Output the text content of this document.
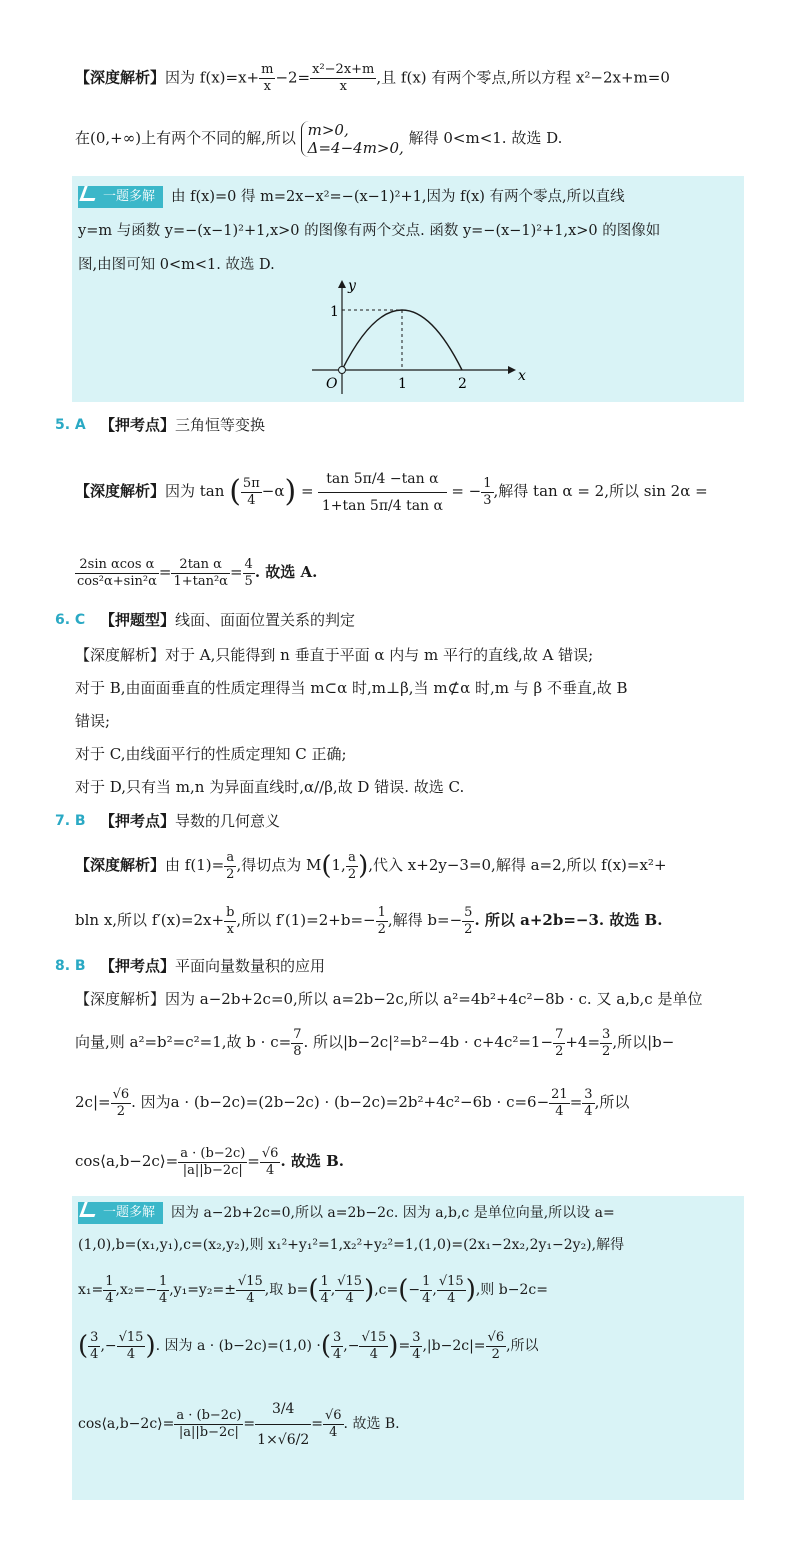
【深度解析】因为 $f(x)=x+ \frac{m}{x} -2= \frac{\text{x²−2x+m}}{x}$ ,且 f(x) 有两个零点,所以方程 x²−2x+m=0
在(0,+∞)上有两个不同的解,所以 m>0,
Δ=4−4m>0,
解得 0<m<1. 故选 D.
一题多解 由 f(x)=0 得 m=2x−x²=−(x−1)²+1,因为 f(x) 有两个零点,所以直线
y=m 与函数 y=−(x−1)²+1,x>0 的图像有两个交点. 函数 y=−(x−1)²+1,x>0 的图像如
图,由图可知 0<m<1. 故选 D.
y
x
O
1
1	2
5. A 【押考点】三角恒等变换
【深度解析】因为 tan ( $\frac{5\pi}{4} -\alpha) = \frac{\text{tan 5π/4 −tan α}}{\text{1+tan 5π/4 tan α}}$ = − $\frac{1}{3}$ ,解得 tan α = 2,所以 sin 2α =
$\frac{\text{2sin αcos α}}{\text{cos²α+sin²α}} = \frac{\text{2tan α}}{\text{1+tan²α}} = \frac{4}{5}$ . 故选 A.
6. C 【押题型】线面、面面位置关系的判定
【深度解析】对于 A,只能得到 n 垂直于平面 α 内与 m 平行的直线,故 A 错误;
对于 B,由面面垂直的性质定理得当 m⊂α 时,m⊥β,当 m⊄α 时,m 与 β 不垂直,故 B
错误;
对于 C,由线面平行的性质定理知 C 正确;
对于 D,只有当 m,n 为异面直线时,α//β,故 D 错误. 故选 C.
7. B 【押考点】导数的几何意义
【深度解析】由 $f(1)= \frac{a}{2}$ ,得切点为 M(1, $\frac{a}{2}$ ),代入 x+2y−3=0,解得 a=2,所以 f(x)=x²+
bln x,所以 $f'(x)=2x+ \frac{b}{x}$ ,所以 $f'(1)=2+b=- \frac{1}{2}$ ,解得 $b=- \frac{5}{2}$ . 所以 a+2b=−3. 故选 B.
8. B 【押考点】平面向量数量积的应用
【深度解析】因为 a−2b+2c=0,所以 a=2b−2c,所以 a²=4b²+4c²−8b · c. 又 a,b,c 是单位
向量,则 a²=b²=c²=1,故 $b \cdot c= \frac{7}{8}$ . 所以$|b-2c|^2=b^2-4b \cdot c+4c^2=1- \frac{7}{2} +4= \frac{3}{2}$ ,所以|b−
$2c|= \frac{√6}{2}$ . 因为$a \cdot (b-2c)=(2b-2c) \cdot (b-2c)=2b^2+4c^2-6b \cdot c=6- \frac{21}{4} = \frac{3}{4}$ ,所以
cos⟨a,b−2c⟩= $\frac{a \cdot (b-2c)}{|a||b-2c|} = \frac{√6}{4}$ . 故选 B.
一题多解 因为 a−2b+2c=0,所以 a=2b−2c. 因为 a,b,c 是单位向量,所以设 a=
(1,0),b=(x₁,y₁),c=(x₂,y₂),则 x₁²+y₁²=1,x₂²+y₂²=1,(1,0)=(2x₁−2x₂,2y₁−2y₂),解得
$x_1= \frac{1}{4} ,x_2=- \frac{1}{4} ,y_1=y_2=\pm \frac{√15}{4}$ ,取 $b=( \frac{1}{4}$ , $\frac{√15}{4} ),c=(- \frac{1}{4}$ , $\frac{√15}{4}$ ),则 b−2c=
( $\frac{3}{4}$ ,− $\frac{√15}{4}$ ). 因为 a · (b−2c)=(1,0) ·( $\frac{3}{4}$ ,− $\frac{√15}{4}$ )= $\frac{3}{4} ,|b-2c|= \frac{√6}{2}$ ,所以
cos⟨a,b−2c⟩= $\frac{a \cdot (b-2c)}{|a||b-2c|} = \frac{3/4}{1\times√6/2} = \frac{√6}{4}$ . 故选 B.
